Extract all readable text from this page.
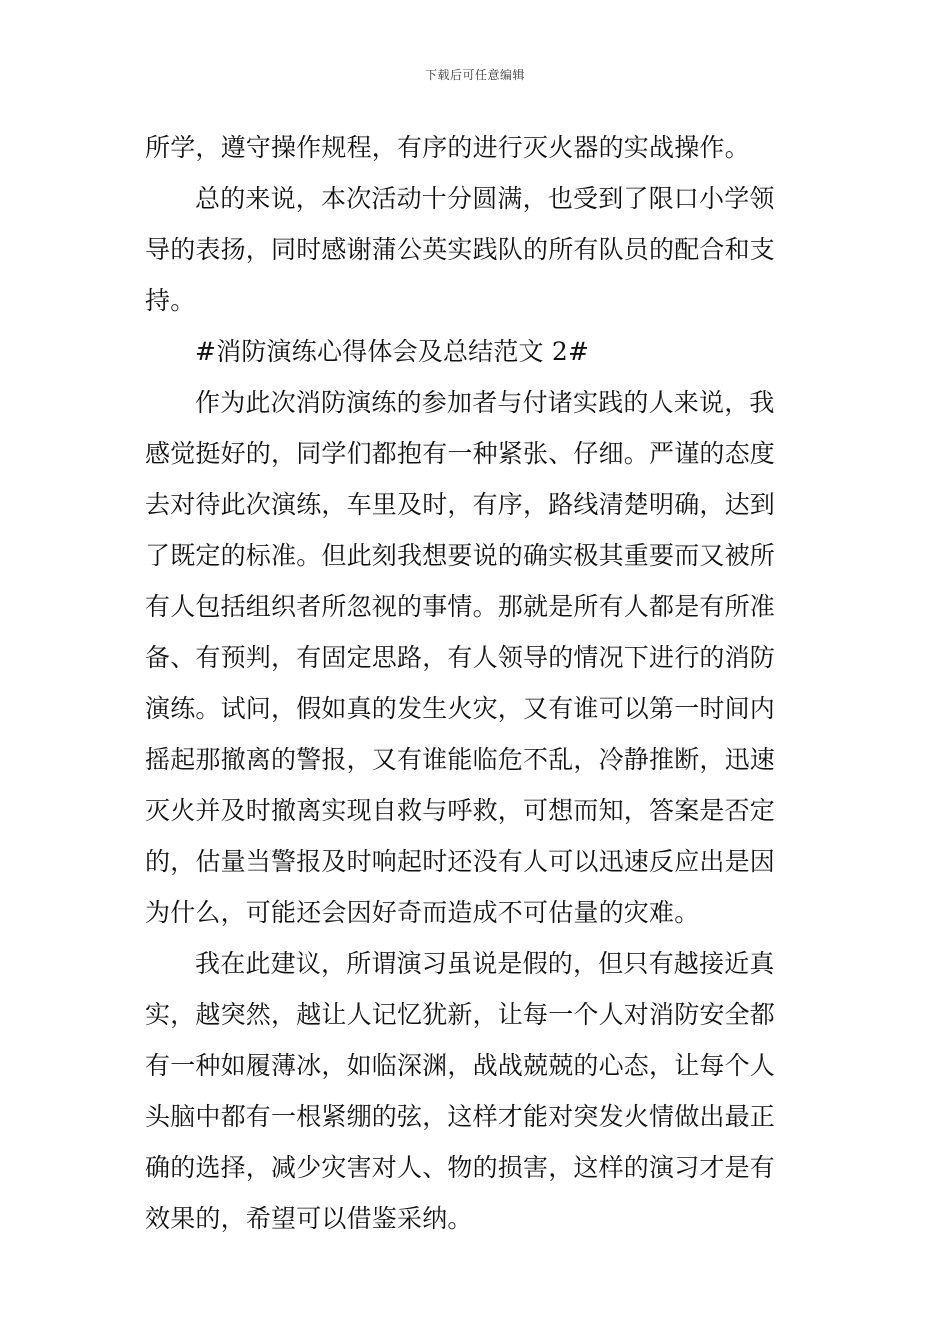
下载后可任意编辑
所学，遵守操作规程，有序的进行灭火器的实战操作。
总的来说，本次活动十分圆满，也受到了限口小学领
导的表扬，同时感谢蒲公英实践队的所有队员的配合和支
持。
#消防演练心得体会及总结范文 2#
作为此次消防演练的参加者与付诸实践的人来说，我
感觉挺好的，同学们都抱有一种紧张、仔细。严谨的态度
去对待此次演练，车里及时，有序，路线清楚明确，达到
了既定的标准。但此刻我想要说的确实极其重要而又被所
有人包括组织者所忽视的事情。那就是所有人都是有所准
备、有预判，有固定思路，有人领导的情况下进行的消防
演练。试问，假如真的发生火灾，又有谁可以第一时间内
摇起那撤离的警报，又有谁能临危不乱，冷静推断，迅速
灭火并及时撤离实现自救与呼救，可想而知，答案是否定
的，估量当警报及时响起时还没有人可以迅速反应出是因
为什么，可能还会因好奇而造成不可估量的灾难。
我在此建议，所谓演习虽说是假的，但只有越接近真
实，越突然，越让人记忆犹新，让每一个人对消防安全都
有一种如履薄冰，如临深渊，战战兢兢的心态，让每个人
头脑中都有一根紧绷的弦，这样才能对突发火情做出最正
确的选择，减少灾害对人、物的损害，这样的演习才是有
效果的，希望可以借鉴采纳。
